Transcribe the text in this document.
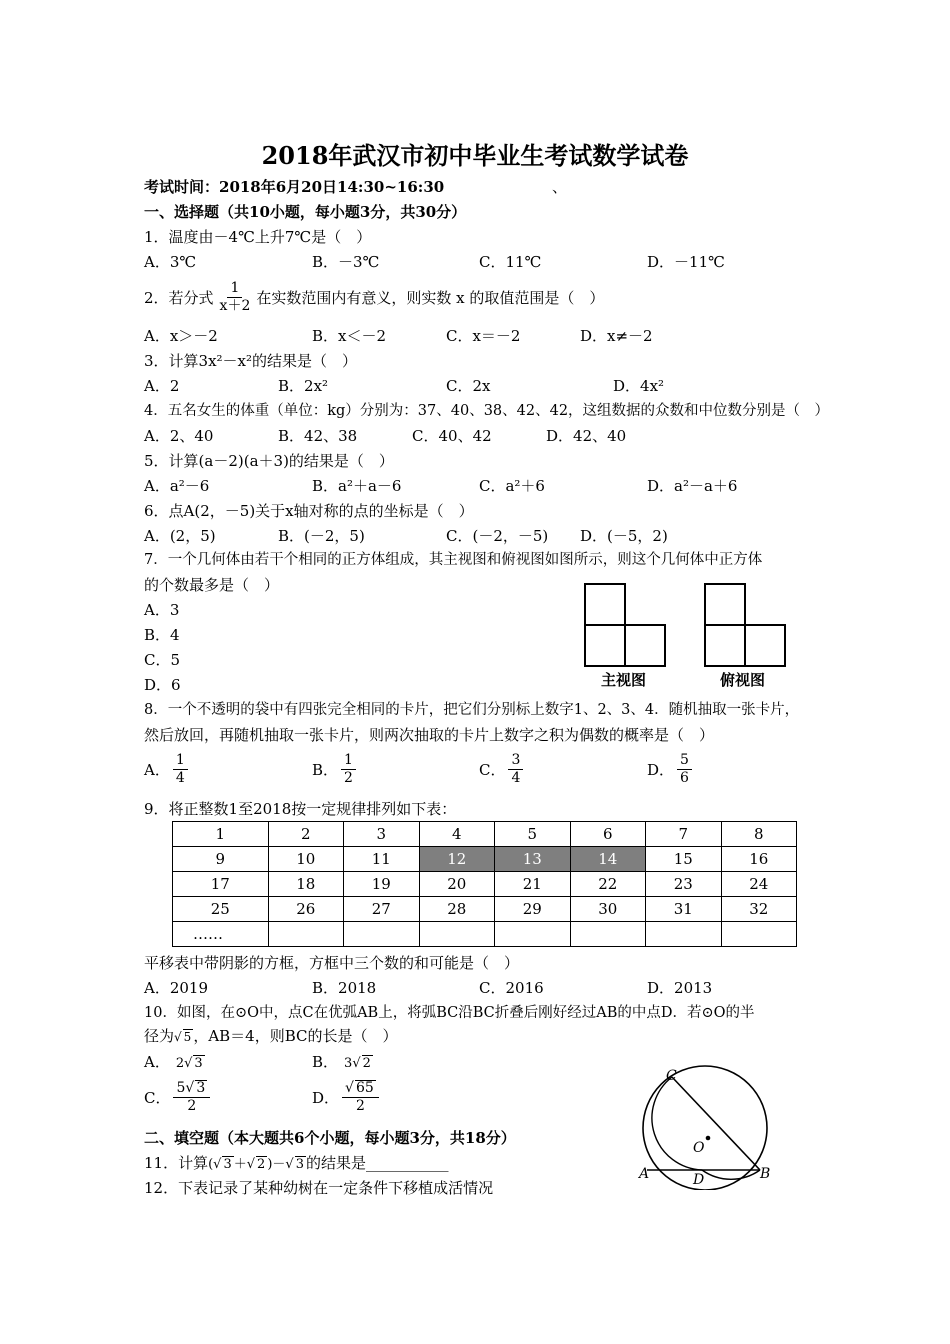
2018年武汉市初中毕业生考试数学试卷
考试时间：2018年6月20日14:30~16:30	、
一、选择题（共10小题，每小题3分，共30分）
1．温度由－4℃上升7℃是（　）
A．3℃	B．－3℃	C．11℃	D．－11℃
2．若分式 $\frac{1}{x+2}$ 在实数范围内有意义，则实数 x 的取值范围是（　）
A．x＞－2	B．x＜－2	C．x＝－2	D．x≠－2
3．计算3x²－x²的结果是（　）
A．2	B．2x²	C．2x	D．4x²
4．五名女生的体重（单位：kg）分别为：37、40、38、42、42，这组数据的众数和中位数分别是（　）
A．2、40	B．42、38	C．40、42	D．42、40
5．计算(a－2)(a＋3)的结果是（　）
A．a²－6	B．a²＋a－6	C．a²＋6	D．a²－a＋6
6．点A(2，－5)关于x轴对称的点的坐标是（　）
A．(2，5)	B．(－2，5)	C．(－2，－5) D．(－5，2)
7．一个几何体由若干个相同的正方体组成，其主视图和俯视图如图所示，则这个几何体中正方体
的个数最多是（　）
A．3
B．4
C．5
D．6	主视图	俯视图
8．一个不透明的袋中有四张完全相同的卡片，把它们分别标上数字1、2、3、4．随机抽取一张卡片，
然后放回，再随机抽取一张卡片，则两次抽取的卡片上数字之积为偶数的概率是（　）
A． $\frac{1}{4}$	B． $\frac{1}{2}$	C． $\frac{3}{4}$	D． $\frac{5}{6}$
9．将正整数1至2018按一定规律排列如下表：
1	2	3	4	5	6	7	8
9	10	11	12	13	14	15	16
17	18	19	20	21	22	23	24
25	26	27	28	29	30	31	32
……							
平移表中带阴影的方框，方框中三个数的和可能是（　）
A．2019	B．2018	C．2016	D．2013
10．如图，在⊙O中，点C在优弧AB上，将弧BC沿BC折叠后刚好经过AB的中点D．若⊙O的半
径为√ 5 ，AB＝4，则BC的长是（　）
A． 2√ 3	B． 3√ 2
C． $\frac{5√ 3}{2}$	D． $\frac{√ 65}{2}$
C
O
A	D	B
二、填空题（本大题共6个小题，每小题3分，共18分）
11．计算(√ 3 ＋√ 2 )－√ 3 的结果是___________
12．下表记录了某种幼树在一定条件下移植成活情况
